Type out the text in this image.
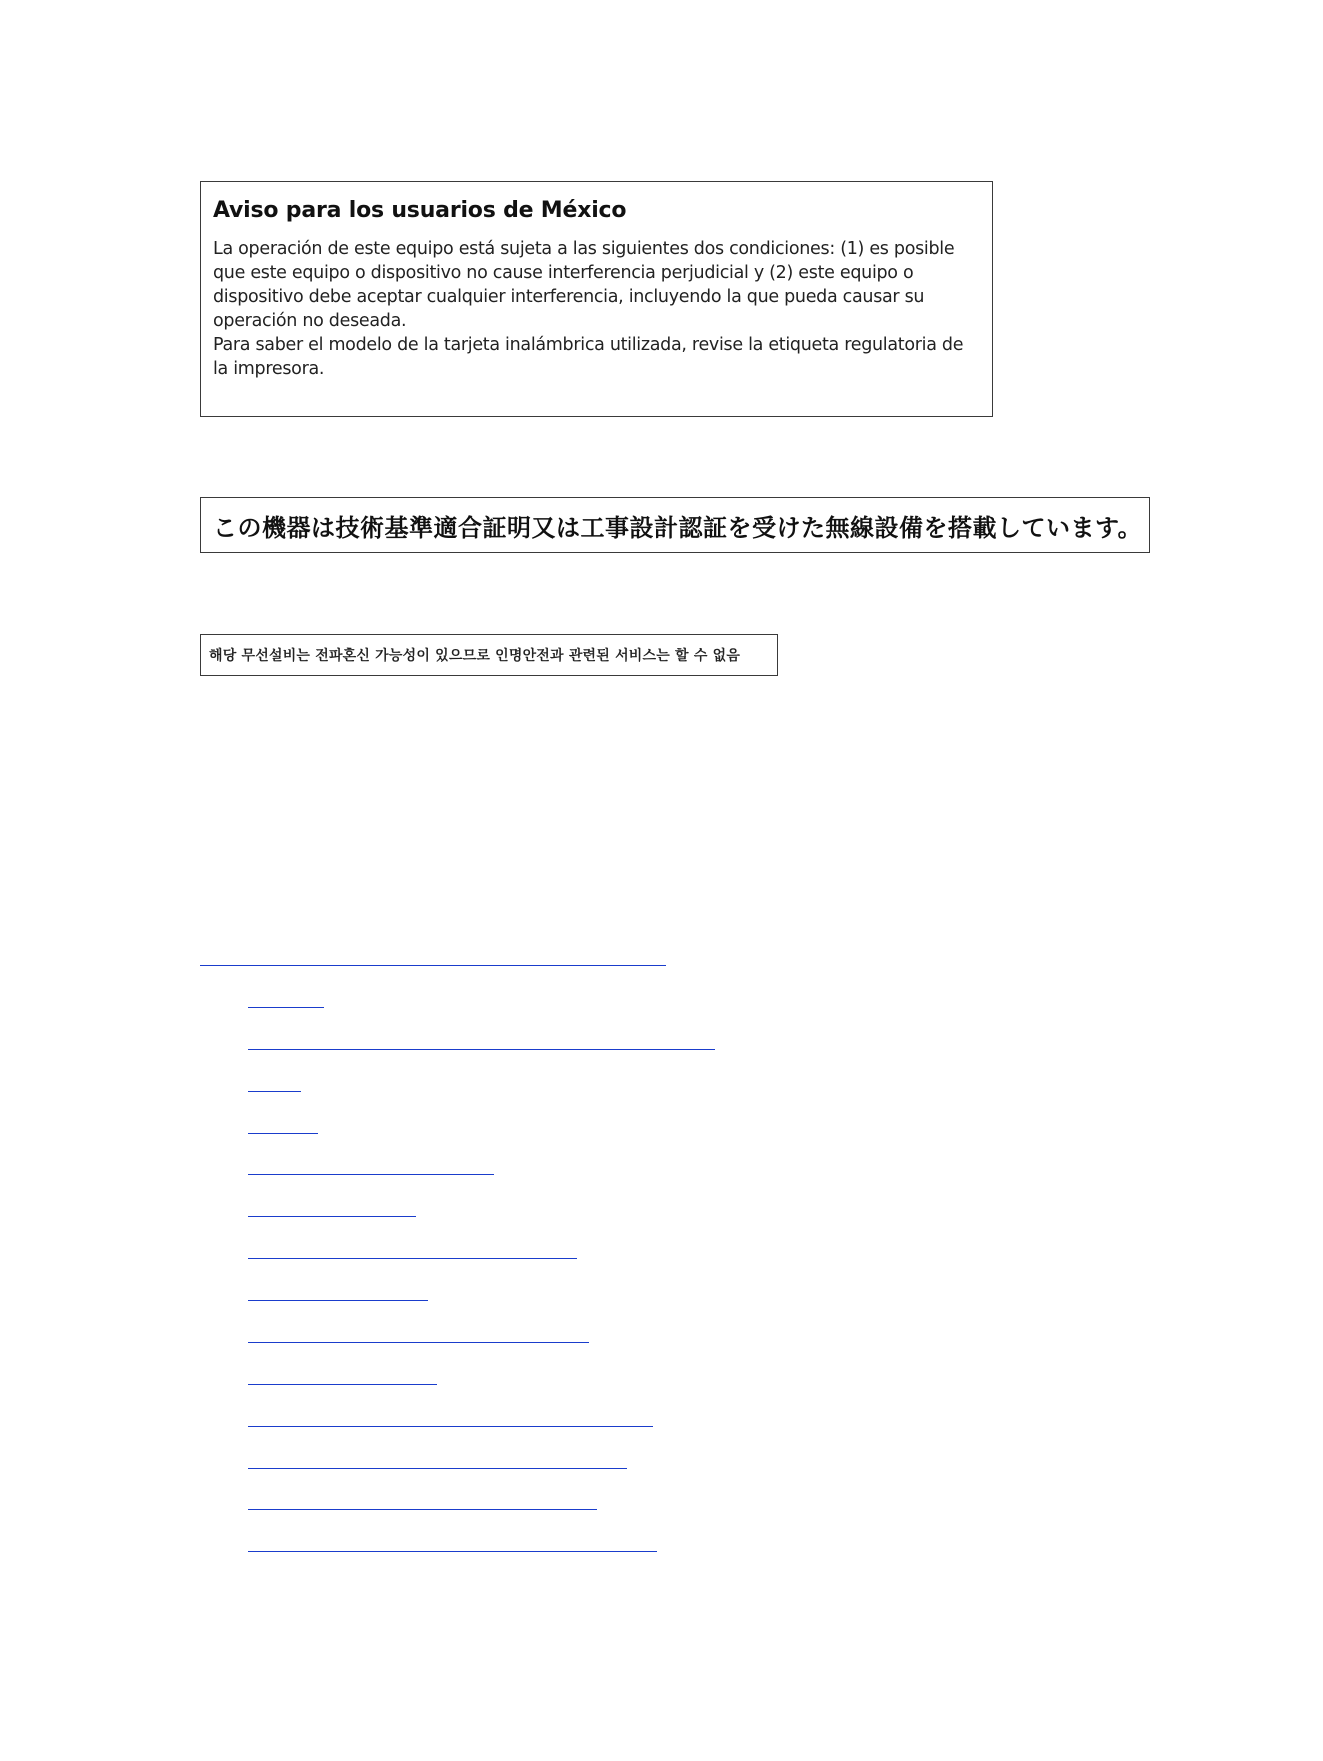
Aviso para los usuarios de México

La operación de este equipo está sujeta a las siguientes dos condiciones: (1) es posible que este equipo o dispositivo no cause interferencia perjudicial y (2) este equipo o dispositivo debe aceptar cualquier interferencia, incluyendo la que pueda causar su operación no deseada.

Para saber el modelo de la tarjeta inalámbrica utilizada, revise la etiqueta regulatoria de la impresora.

この機器は技術基準適合証明又は工事設計認証を受けた無線設備を搭載しています。
해당 무선설비는 전파혼신 가능성이 있으므로 인명안전과 관련된 서비스는 할 수 없음
